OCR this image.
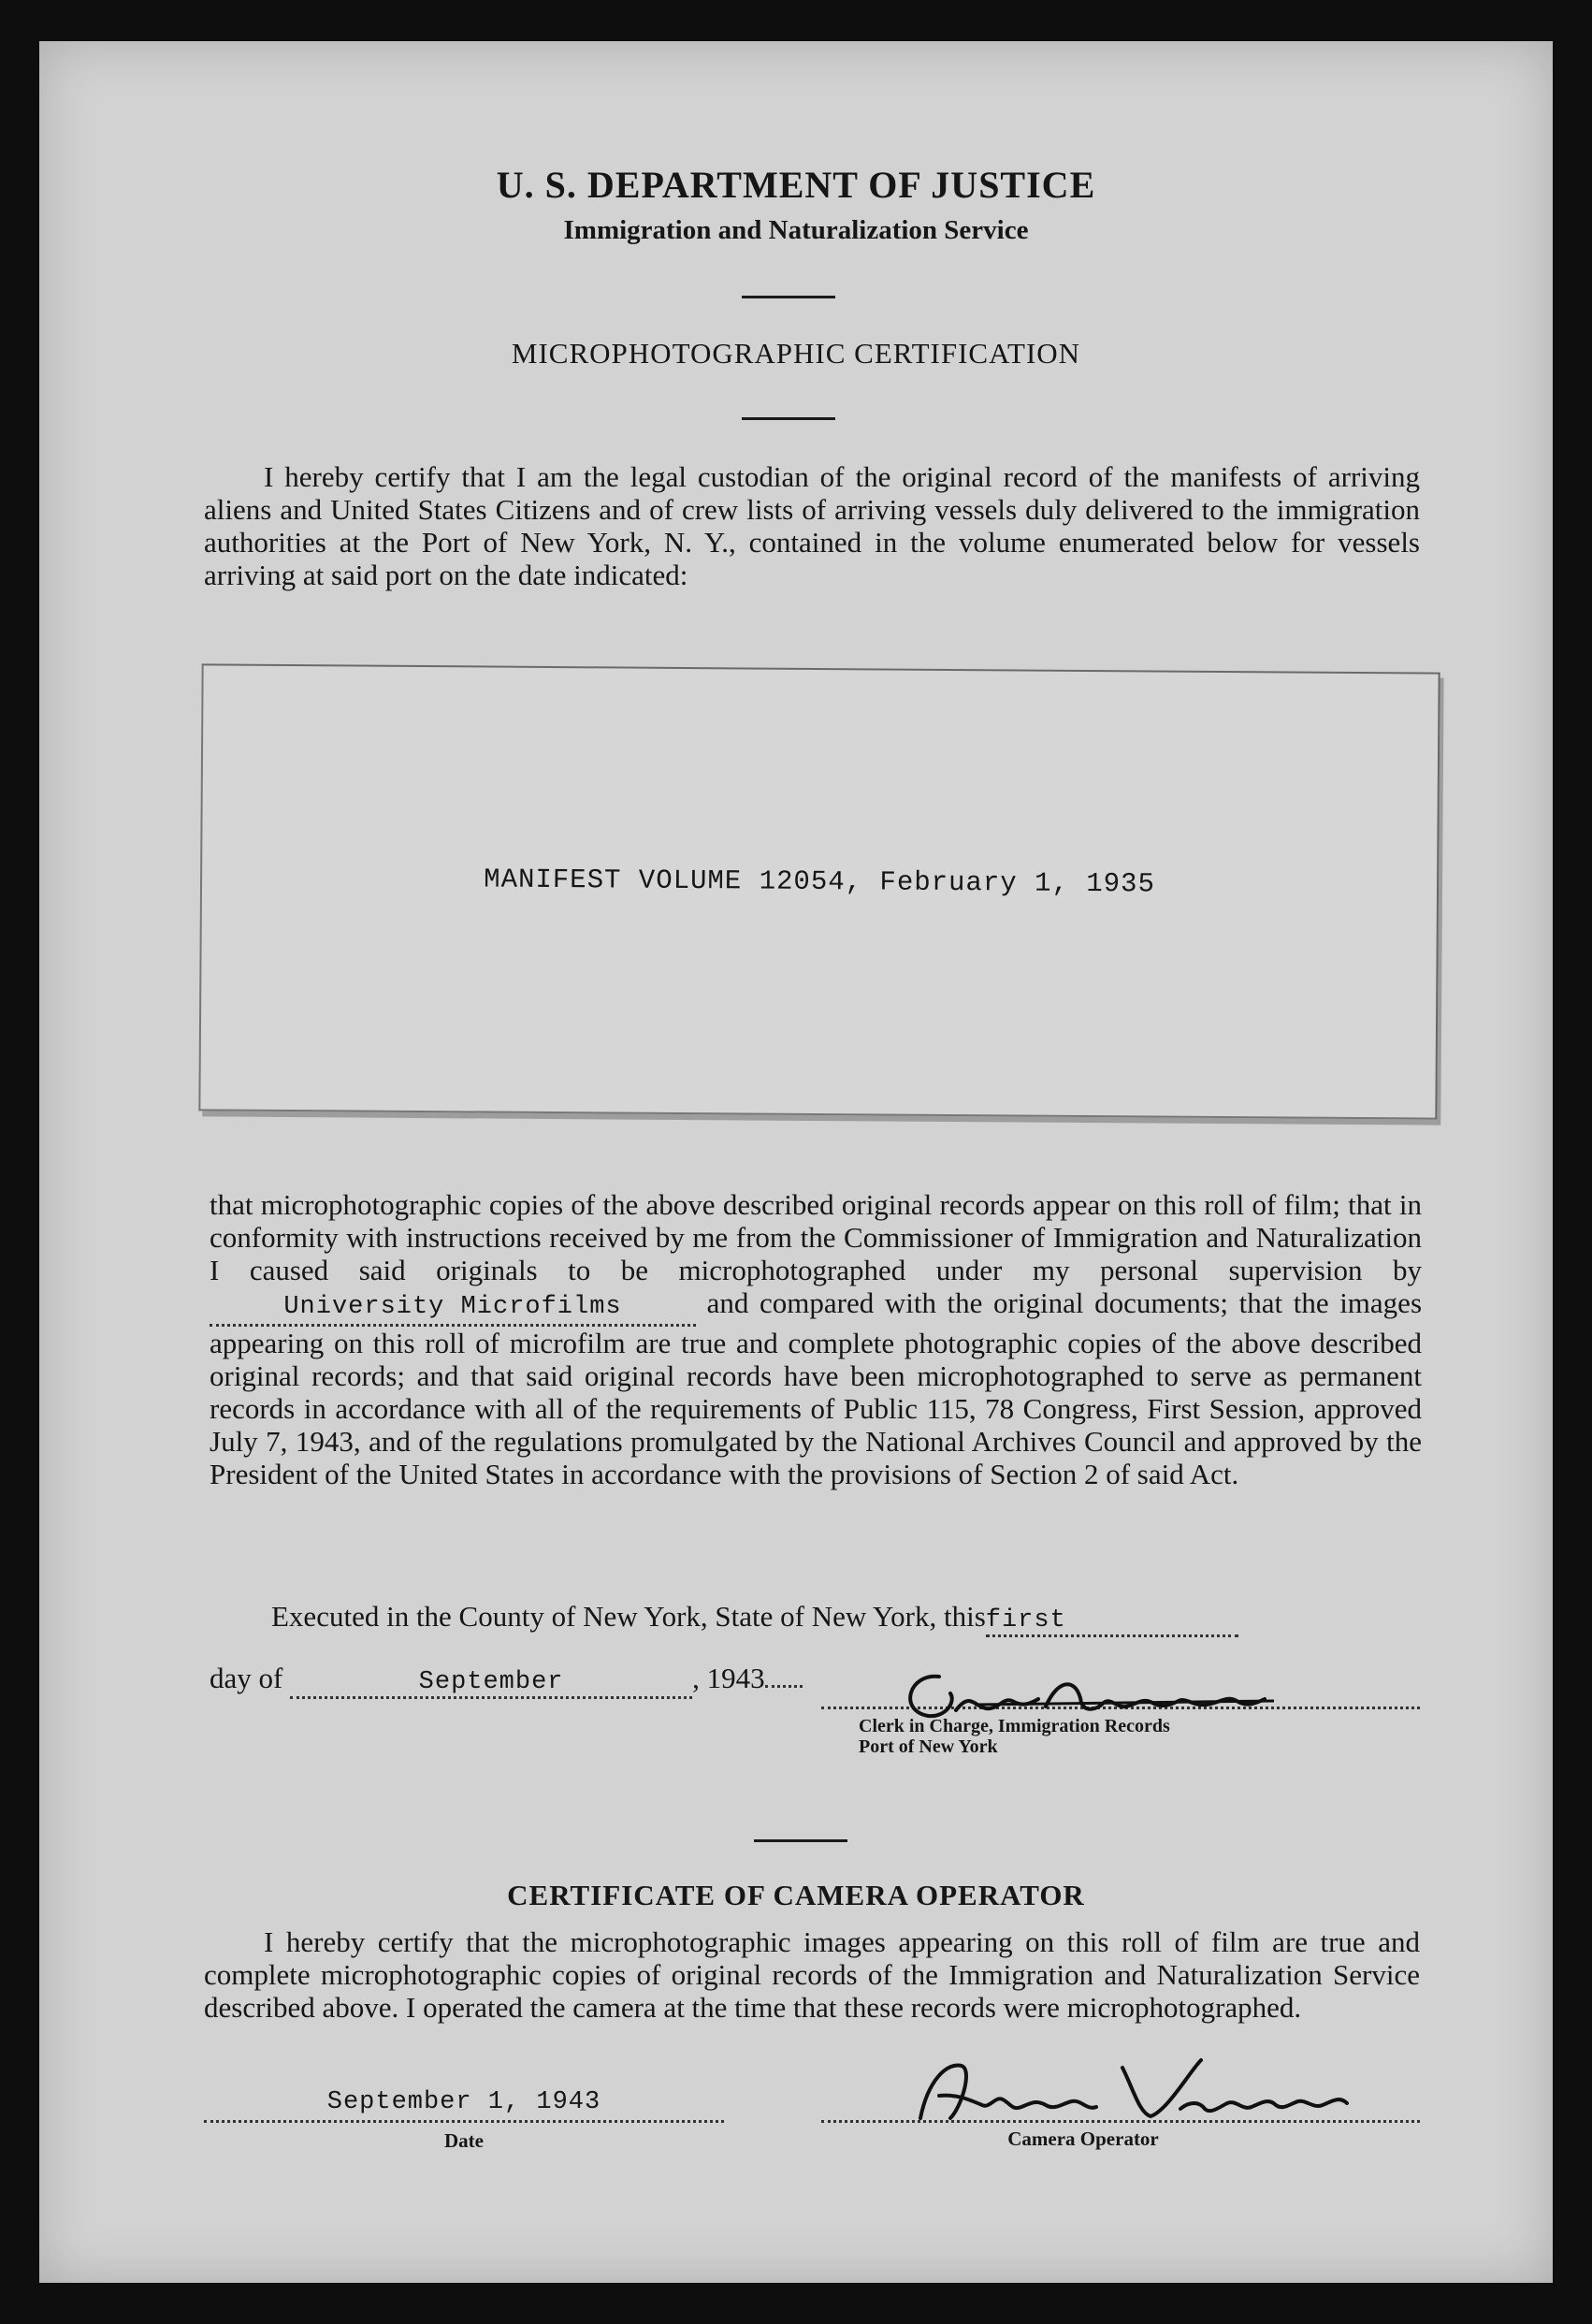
U. S. DEPARTMENT OF JUSTICE
Immigration and Naturalization Service
MICROPHOTOGRAPHIC CERTIFICATION
I hereby certify that I am the legal custodian of the original record of the manifests of arriving aliens and United States Citizens and of crew lists of arriving vessels duly delivered to the immigration authorities at the Port of New York, N. Y., contained in the volume enumerated below for vessels arriving at said port on the date indicated:
MANIFEST VOLUME 12054, February 1, 1935
that microphotographic copies of the above described original records appear on this roll of film; that in conformity with instructions received by me from the Commissioner of Immigration and Naturalization I caused said originals to be microphotographed under my personal supervision by University Microfilms	and compared with the original documents; that the images appearing on this roll of microfilm are true and complete photographic copies of the above described original records; and that said original records have been microphotographed to serve as permanent records in accordance with all of the requirements of Public 115, 78 Congress, First Session, approved July 7, 1943, and of the regulations promulgated by the National Archives Council and approved by the President of the United States in accordance with the provisions of Section 2 of said Act.
Executed in the County of New York, State of New York, thisfirst
day of	September	, 1943
Clerk in Charge, Immigration Records
Port of New York
CERTIFICATE OF CAMERA OPERATOR
I hereby certify that the microphotographic images appearing on this roll of film are true and complete microphotographic copies of original records of the Immigration and Naturalization Service described above. I operated the camera at the time that these records were microphotographed.
September 1, 1943
Date	Camera Operator
